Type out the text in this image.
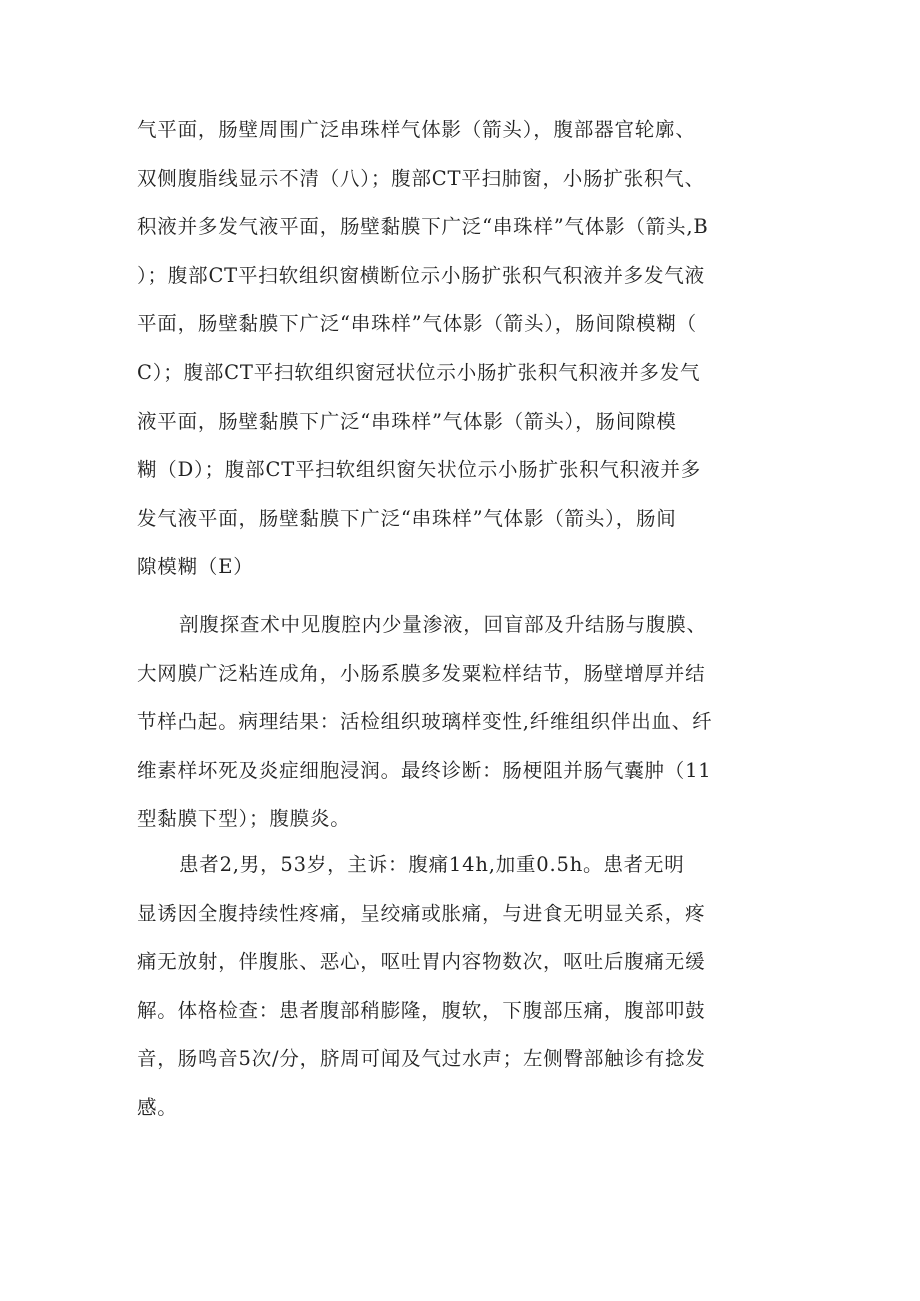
气平面，肠壁周围广泛串珠样气体影（箭头），腹部器官轮廓、
双侧腹脂线显示不清（八）；腹部CT平扫肺窗，小肠扩张积气、
积液并多发气液平面，肠壁黏膜下广泛“串珠样”气体影（箭头,B
）；腹部CT平扫软组织窗横断位示小肠扩张积气积液并多发气液
平面，肠壁黏膜下广泛“串珠样”气体影（箭头），肠间隙模糊（
C）；腹部CT平扫软组织窗冠状位示小肠扩张积气积液并多发气
液平面，肠壁黏膜下广泛“串珠样”气体影（箭头），肠间隙模
糊（D）；腹部CT平扫软组织窗矢状位示小肠扩张积气积液并多
发气液平面，肠壁黏膜下广泛“串珠样”气体影（箭头），肠间
隙模糊（E）
剖腹探查术中见腹腔内少量渗液，回盲部及升结肠与腹膜、
大网膜广泛粘连成角，小肠系膜多发粟粒样结节，肠壁增厚并结
节样凸起。病理结果：活检组织玻璃样变性,纤维组织伴出血、纤
维素样坏死及炎症细胞浸润。最终诊断：肠梗阻并肠气囊肿（11
型黏膜下型）；腹膜炎。
患者2,男，53岁，主诉：腹痛14h,加重0.5h。患者无明
显诱因全腹持续性疼痛，呈绞痛或胀痛，与进食无明显关系，疼
痛无放射，伴腹胀、恶心，呕吐胃内容物数次，呕吐后腹痛无缓
解。体格检查：患者腹部稍膨隆，腹软，下腹部压痛，腹部叩鼓
音，肠鸣音5次/分，脐周可闻及气过水声；左侧臀部触诊有捻发
感。
